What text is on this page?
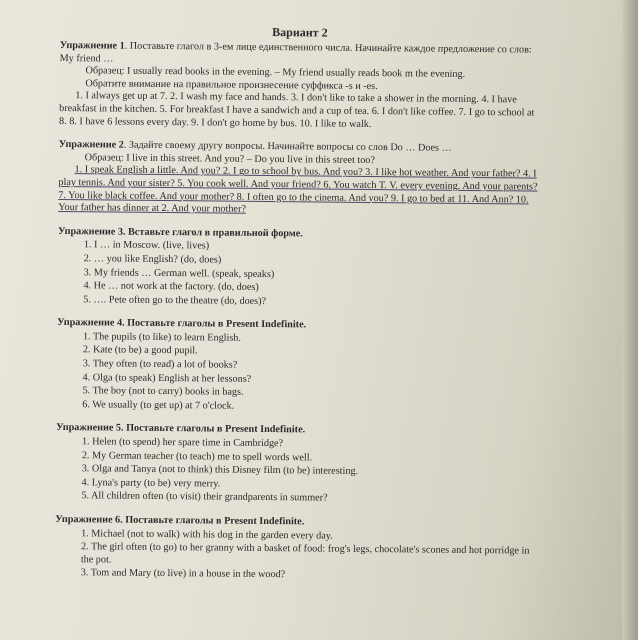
Вариант 2

Упражнение 1. Поставьте глагол в 3-ем лице единственного числа. Начинайте каждое предложение со слов: My friend …

Образец: I usually read books in the evening. – My friend usually reads book m the evening.

Обратите внимание на правильное произнесение суффикса -s и -es.

1. I always get up at 7. 2. I wash my face and hands. 3. I don't like to take a shower in the morning. 4. I have breakfast in the kitchen. 5. For breakfast I have a sandwich and a cup of tea. 6. I don't like coffee. 7. I go to school at 8. 8. I have 6 lessons every day. 9. I don't go home by bus. 10. I like to walk.

Упражнение 2. Задайте своему другу вопросы. Начинайте вопросы со слов Do … Does …

Образец: I live in this street. And you? – Do you live in this street too?

1. I speak English a little. And you? 2. I go to school by bus. And you? 3. I like hot weather. And your father? 4. I play tennis. And your sister? 5. You cook well. And your friend? 6. You watch T. V. every evening. And your parents? 7. You like black coffee. And your mother? 8. I often go to the cinema. And you? 9. I go to bed at 11. And Ann? 10. Your father has dinner at 2. And your mother?

Упражнение 3. Вставьте глагол в правильной форме.

1. I … in Moscow. (live, lives)
2. … you like English? (do, does)
3. My friends … German well. (speak, speaks)
4. He … not work at the factory. (do, does)
5. …. Pete often go to the theatre (do, does)?

Упражнение 4. Поставьте глаголы в Present Indefinite.

1. The pupils (to like) to learn English.
2. Kate (to be) a good pupil.
3. They often (to read) a lot of books?
4. Olga (to speak) English at her lessons?
5. The boy (not to carry) books in bags.
6. We usually (to get up) at 7 o'clock.

Упражнение 5. Поставьте глаголы в Present Indefinite.

1. Helen (to spend) her spare time in Cambridge?
2. My German teacher (to teach) me to spell words well.
3. Olga and Tanya (not to think) this Disney film (to be) interesting.
4. Lyna's party (to be) very merry.
5. All children often (to visit) their grandparents in summer?

Упражнение 6. Поставьте глаголы в Present Indefinite.

1. Michael (not to walk) with his dog in the garden every day.
2. The girl often (to go) to her granny with a basket of food: frog's legs, chocolate's scones and hot porridge in the pot.
3. Tom and Mary (to live) in a house in the wood?
